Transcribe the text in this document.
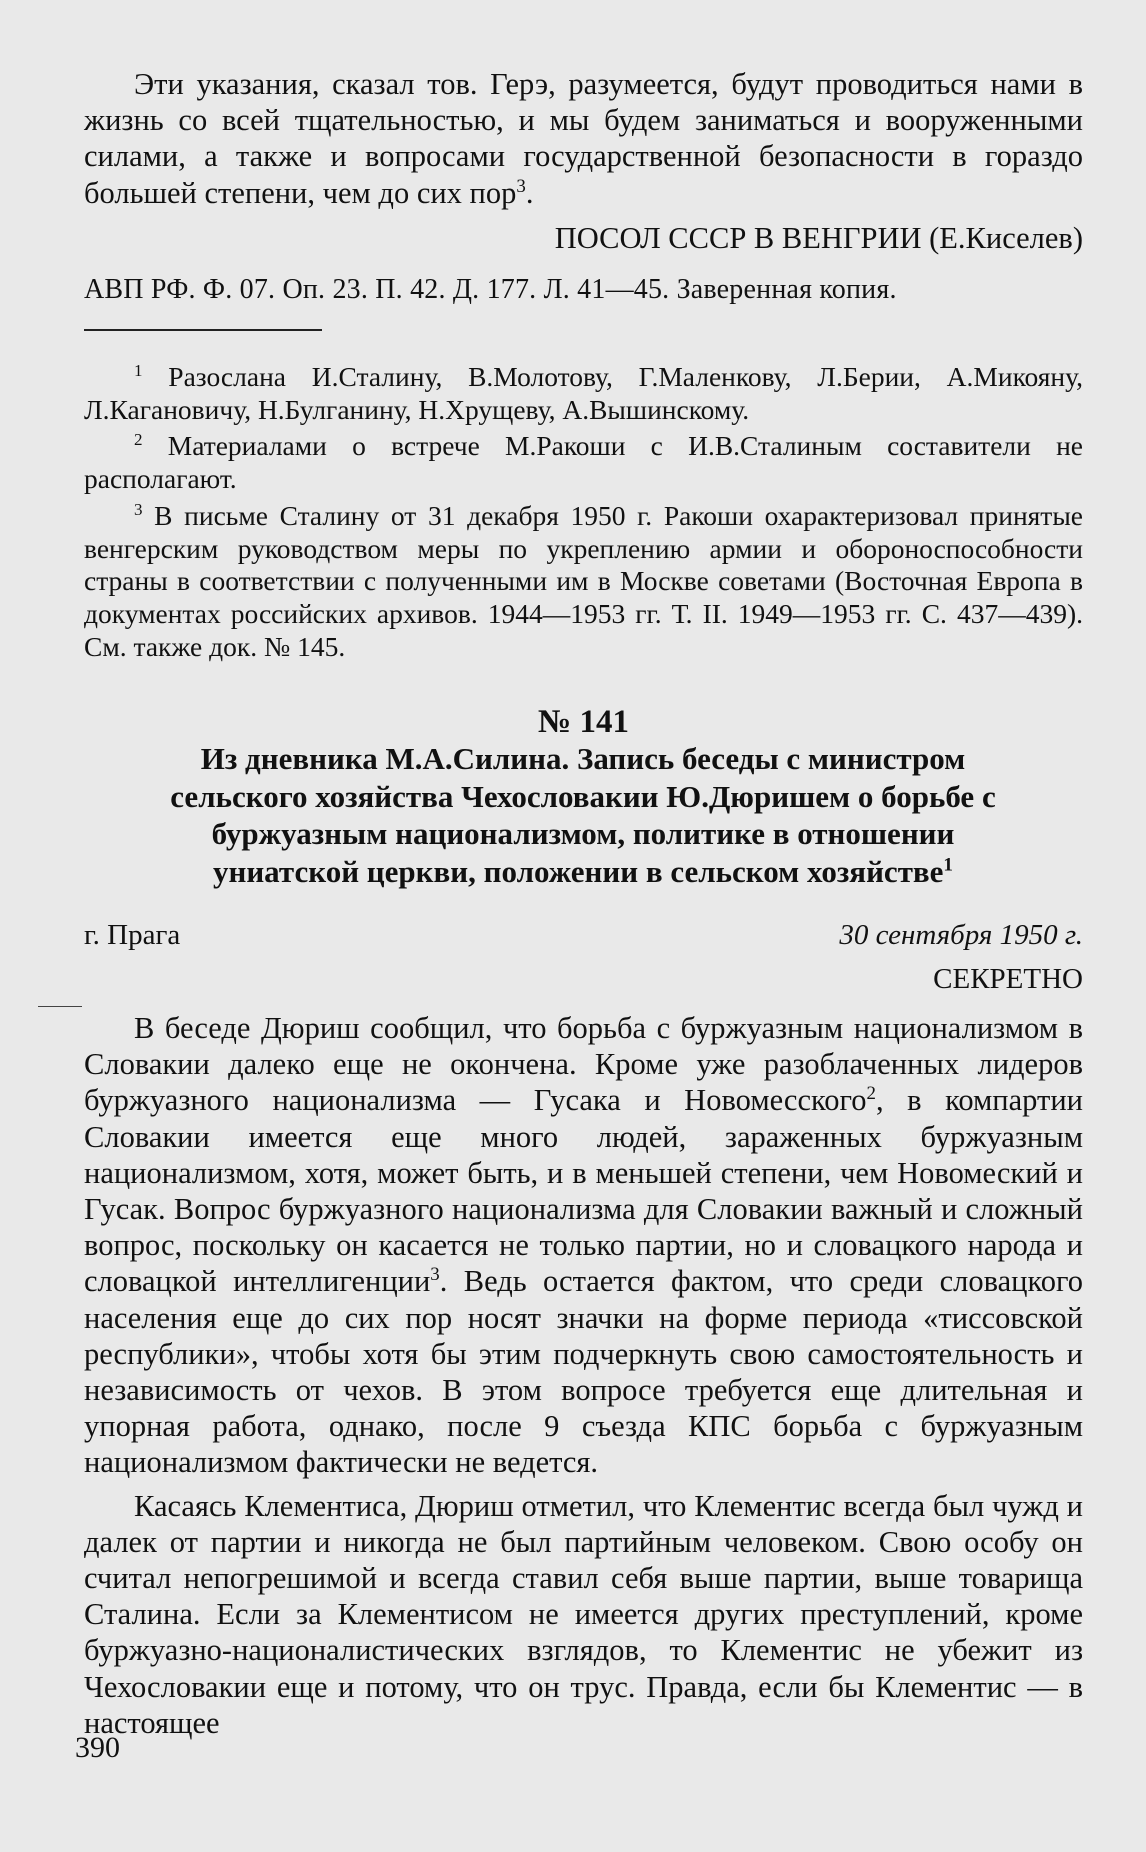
Эти указания, сказал тов. Герэ, разумеется, будут проводиться нами в жизнь со всей тщательностью, и мы будем заниматься и вооруженными силами, а также и вопросами государственной безопасности в гораздо большей степени, чем до сих пор$^3$.

ПОСОЛ СССР В ВЕНГРИИ (Е.Киселев)

АВП РФ. Ф. 07. Оп. 23. П. 42. Д. 177. Л. 41—45. Заверенная копия.

$^1$ Разослана И.Сталину, В.Молотову, Г.Маленкову, Л.Берии, А.Микояну, Л.Кагановичу, Н.Булганину, Н.Хрущеву, А.Вышинскому.

$^2$ Материалами о встрече М.Ракоши с И.В.Сталиным составители не располагают.

$^3$ В письме Сталину от 31 декабря 1950 г. Ракоши охарактеризовал принятые венгерским руководством меры по укреплению армии и обороноспособности страны в соответствии с полученными им в Москве советами (Восточная Европа в документах российских архивов. 1944—1953 гг. Т. II. 1949—1953 гг. С. 437—439). См. также док. № 145.

№ 141

Из дневника М.А.Силина. Запись беседы с министром сельского хозяйства Чехословакии Ю.Дюришем о борьбе с буржуазным национализмом, политике в отношении униатской церкви, положении в сельском хозяйстве$^1$

г. Прага	30 сентября 1950 г.

СЕКРЕТНО

В беседе Дюриш сообщил, что борьба с буржуазным национализмом в Словакии далеко еще не окончена. Кроме уже разоблаченных лидеров буржуазного национализма — Гусака и Новомесского$^2$, в компартии Словакии имеется еще много людей, зараженных буржуазным национализмом, хотя, может быть, и в меньшей степени, чем Новомеский и Гусак. Вопрос буржуазного национализма для Словакии важный и сложный вопрос, поскольку он касается не только партии, но и словацкого народа и словацкой интеллигенции$^3$. Ведь остается фактом, что среди словацкого населения еще до сих пор носят значки на форме периода «тиссовской республики», чтобы хотя бы этим подчеркнуть свою самостоятельность и независимость от чехов. В этом вопросе требуется еще длительная и упорная работа, однако, после 9 съезда КПС борьба с буржуазным национализмом фактически не ведется.

Касаясь Клементиса, Дюриш отметил, что Клементис всегда был чужд и далек от партии и никогда не был партийным человеком. Свою особу он считал непогрешимой и всегда ставил себя выше партии, выше товарища Сталина. Если за Клементисом не имеется других преступлений, кроме буржуазно-националистических взглядов, то Клементис не убежит из Чехословакии еще и потому, что он трус. Правда, если бы Клементис — в настоящее

390
